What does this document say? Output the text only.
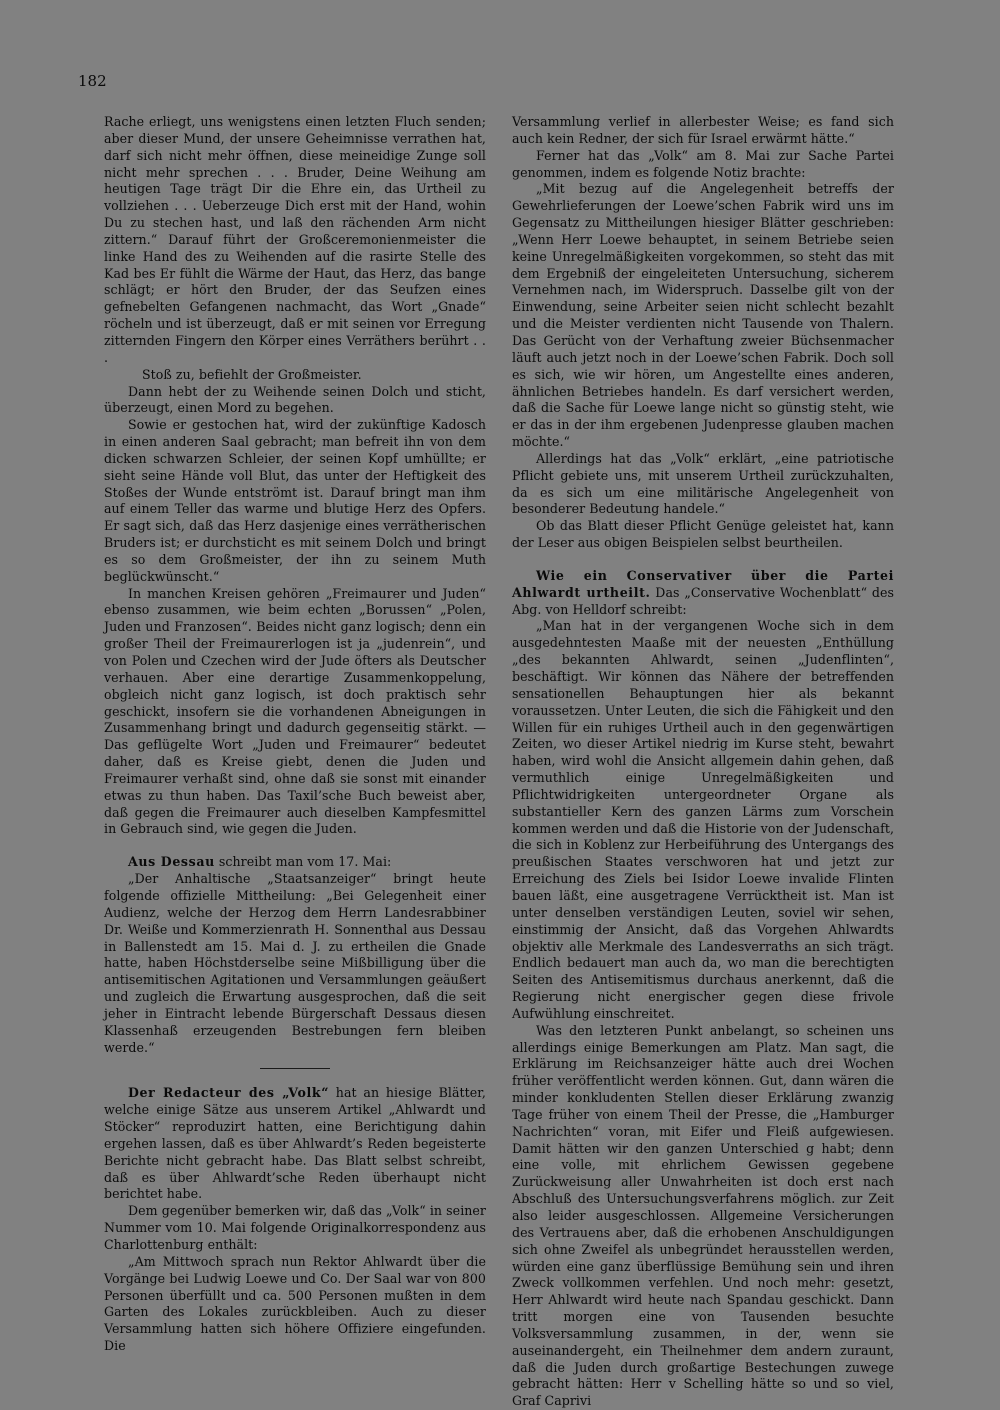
182

Rache erliegt, uns wenigstens einen letzten Fluch senden; aber dieser Mund, der unsere Geheimnisse verrathen hat, darf sich nicht mehr öffnen, diese meineidige Zunge soll nicht mehr sprechen . . . Bruder, Deine Weihung am heutigen Tage trägt Dir die Ehre ein, das Urtheil zu vollziehen . . . Ueberzeuge Dich erst mit der Hand, wohin Du zu stechen hast, und laß den rächenden Arm nicht zittern.“ Darauf führt der Großceremonienmeister die linke Hand des zu Weihenden auf die rasirte Stelle des Kad bes Er fühlt die Wärme der Haut, das Herz, das bange schlägt; er hört den Bruder, der das Seufzen eines gefnebelten Gefangenen nachmacht, das Wort „Gnade“ röcheln und ist überzeugt, daß er mit seinen vor Erregung zitternden Fingern den Körper eines Verräthers berührt . . .

Stoß zu, befiehlt der Großmeister.

Dann hebt der zu Weihende seinen Dolch und sticht, überzeugt, einen Mord zu begehen.

Sowie er gestochen hat, wird der zukünftige Kadosch in einen anderen Saal gebracht; man befreit ihn von dem dicken schwarzen Schleier, der seinen Kopf umhüllte; er sieht seine Hände voll Blut, das unter der Heftigkeit des Stoßes der Wunde entströmt ist. Darauf bringt man ihm auf einem Teller das warme und blutige Herz des Opfers. Er sagt sich, daß das Herz dasjenige eines verrätherischen Bruders ist; er durchsticht es mit seinem Dolch und bringt es so dem Großmeister, der ihn zu seinem Muth beglückwünscht.“

In manchen Kreisen gehören „Freimaurer und Juden“ ebenso zusammen, wie beim echten „Borussen“ „Polen, Juden und Franzosen“. Beides nicht ganz logisch; denn ein großer Theil der Freimaurerlogen ist ja „judenrein“, und von Polen und Czechen wird der Jude öfters als Deutscher verhauen. Aber eine derartige Zusammenkoppelung, obgleich nicht ganz logisch, ist doch praktisch sehr geschickt, insofern sie die vorhandenen Abneigungen in Zusammenhang bringt und dadurch gegenseitig stärkt. — Das geflügelte Wort „Juden und Freimaurer“ bedeutet daher, daß es Kreise giebt, denen die Juden und Freimaurer verhaßt sind, ohne daß sie sonst mit einander etwas zu thun haben. Das Taxil’sche Buch beweist aber, daß gegen die Freimaurer auch dieselben Kampfesmittel in Gebrauch sind, wie gegen die Juden.

Aus Dessau schreibt man vom 17. Mai:

„Der Anhaltische „Staatsanzeiger“ bringt heute folgende offizielle Mittheilung: „Bei Gelegenheit einer Audienz, welche der Herzog dem Herrn Landesrabbiner Dr. Weiße und Kommerzienrath H. Sonnenthal aus Dessau in Ballenstedt am 15. Mai d. J. zu ertheilen die Gnade hatte, haben Höchstderselbe seine Mißbilligung über die antisemitischen Agitationen und Versammlungen geäußert und zugleich die Erwartung ausgesprochen, daß die seit jeher in Eintracht lebende Bürgerschaft Dessaus diesen Klassenhaß erzeugenden Bestrebungen fern bleiben werde.“

Der Redacteur des „Volk“ hat an hiesige Blätter, welche einige Sätze aus unserem Artikel „Ahlwardt und Stöcker“ reproduzirt hatten, eine Berichtigung dahin ergehen lassen, daß es über Ahlwardt’s Reden begeisterte Berichte nicht gebracht habe. Das Blatt selbst schreibt, daß es über Ahlwardt’sche Reden überhaupt nicht berichtet habe.

Dem gegenüber bemerken wir, daß das „Volk“ in seiner Nummer vom 10. Mai folgende Originalkorrespondenz aus Charlottenburg enthält:

„Am Mittwoch sprach nun Rektor Ahlwardt über die Vorgänge bei Ludwig Loewe und Co. Der Saal war von 800 Personen überfüllt und ca. 500 Personen mußten in dem Garten des Lokales zurückbleiben. Auch zu dieser Versammlung hatten sich höhere Offiziere eingefunden. Die

Versammlung verlief in allerbester Weise; es fand sich auch kein Redner, der sich für Israel erwärmt hätte.“

Ferner hat das „Volk“ am 8. Mai zur Sache Partei genommen, indem es folgende Notiz brachte:

„Mit bezug auf die Angelegenheit betreffs der Gewehrlieferungen der Loewe’schen Fabrik wird uns im Gegensatz zu Mittheilungen hiesiger Blätter geschrieben: „Wenn Herr Loewe behauptet, in seinem Betriebe seien keine Unregelmäßigkeiten vorgekommen, so steht das mit dem Ergebniß der eingeleiteten Untersuchung, sicherem Vernehmen nach, im Widerspruch. Dasselbe gilt von der Einwendung, seine Arbeiter seien nicht schlecht bezahlt und die Meister verdienten nicht Tausende von Thalern. Das Gerücht von der Verhaftung zweier Büchsenmacher läuft auch jetzt noch in der Loewe’schen Fabrik. Doch soll es sich, wie wir hören, um Angestellte eines anderen, ähnlichen Betriebes handeln. Es darf versichert werden, daß die Sache für Loewe lange nicht so günstig steht, wie er das in der ihm ergebenen Judenpresse glauben machen möchte.“

Allerdings hat das „Volk“ erklärt, „eine patriotische Pflicht gebiete uns, mit unserem Urtheil zurückzuhalten, da es sich um eine militärische Angelegenheit von besonderer Bedeutung handele.“

Ob das Blatt dieser Pflicht Genüge geleistet hat, kann der Leser aus obigen Beispielen selbst beurtheilen.

Wie ein Conservativer über die Partei Ahlwardt urtheilt. Das „Conservative Wochenblatt“ des Abg. von Helldorf schreibt:

„Man hat in der vergangenen Woche sich in dem ausgedehntesten Maaße mit der neuesten „Enthüllung „des bekannten Ahlwardt, seinen „Judenflinten“, beschäftigt. Wir können das Nähere der betreffenden sensationellen Behauptungen hier als bekannt voraussetzen. Unter Leuten, die sich die Fähigkeit und den Willen für ein ruhiges Urtheil auch in den gegenwärtigen Zeiten, wo dieser Artikel niedrig im Kurse steht, bewahrt haben, wird wohl die Ansicht allgemein dahin gehen, daß vermuthlich einige Unregelmäßigkeiten und Pflichtwidrigkeiten untergeordneter Organe als substantieller Kern des ganzen Lärms zum Vorschein kommen werden und daß die Historie von der Judenschaft, die sich in Koblenz zur Herbeiführung des Untergangs des preußischen Staates verschworen hat und jetzt zur Erreichung des Ziels bei Isidor Loewe invalide Flinten bauen läßt, eine ausgetragene Verrücktheit ist. Man ist unter denselben verständigen Leuten, soviel wir sehen, einstimmig der Ansicht, daß das Vorgehen Ahlwardts objektiv alle Merkmale des Landesverraths an sich trägt. Endlich bedauert man auch da, wo man die berechtigten Seiten des Antisemitismus durchaus anerkennt, daß die Regierung nicht energischer gegen diese frivole Aufwühlung einschreitet.

Was den letzteren Punkt anbelangt, so scheinen uns allerdings einige Bemerkungen am Platz. Man sagt, die Erklärung im Reichsanzeiger hätte auch drei Wochen früher veröffentlicht werden können. Gut, dann wären die minder konkludenten Stellen dieser Erklärung zwanzig Tage früher von einem Theil der Presse, die „Hamburger Nachrichten“ voran, mit Eifer und Fleiß aufgewiesen. Damit hätten wir den ganzen Unterschied g habt; denn eine volle, mit ehrlichem Gewissen gegebene Zurückweisung aller Unwahrheiten ist doch erst nach Abschluß des Untersuchungsverfahrens möglich. zur Zeit also leider ausgeschlossen. Allgemeine Versicherungen des Vertrauens aber, daß die erhobenen Anschuldigungen sich ohne Zweifel als unbegründet herausstellen werden, würden eine ganz überflüssige Bemühung sein und ihren Zweck vollkommen verfehlen. Und noch mehr: gesetzt, Herr Ahlwardt wird heute nach Spandau geschickt. Dann tritt morgen eine von Tausenden besuchte Volksversammlung zusammen, in der, wenn sie auseinandergeht, ein Theilnehmer dem andern zuraunt, daß die Juden durch großartige Bestechungen zuwege gebracht hätten: Herr v Schelling hätte so und so viel, Graf Caprivi
